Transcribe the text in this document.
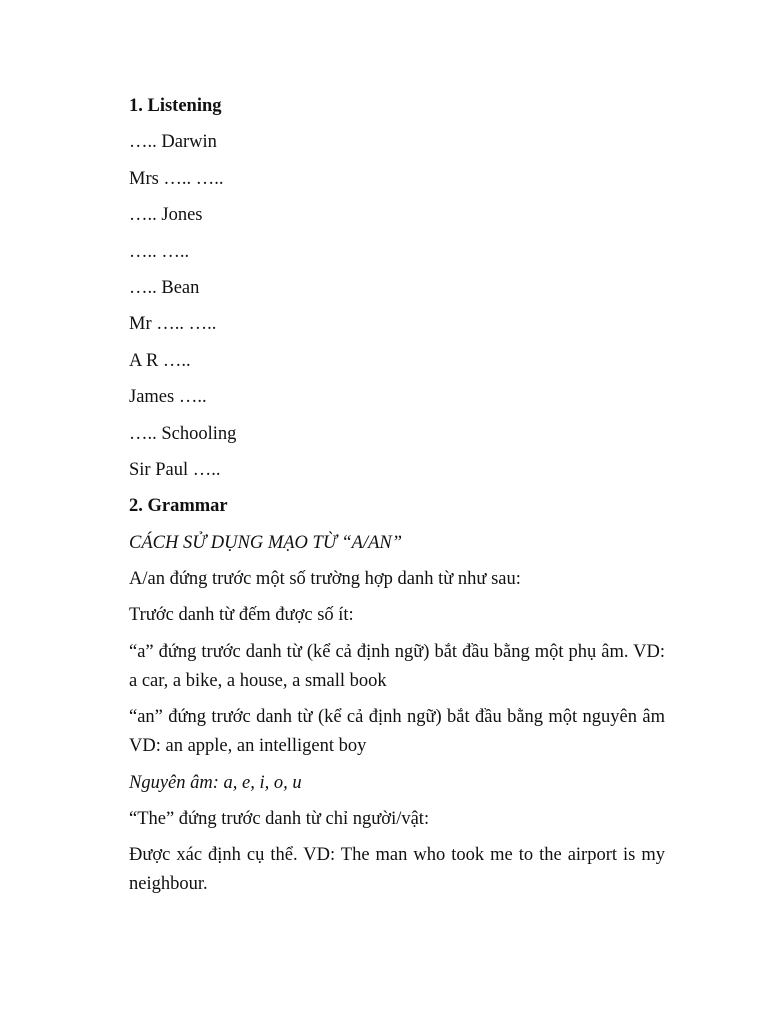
1. Listening
….. Darwin
Mrs ….. …..
….. Jones
….. …..
….. Bean
Mr ….. …..
A R …..
James …..
….. Schooling
Sir Paul …..
2. Grammar
CÁCH SỬ DỤNG MẠO TỪ “A/AN”
A/an đứng trước một số trường hợp danh từ như sau:
Trước danh từ đếm được số ít:
“a” đứng trước danh từ (kể cả định ngữ) bắt đầu bằng một phụ âm. VD: a car, a bike, a house, a small book
“an” đứng trước danh từ (kể cả định ngữ) bắt đầu bằng một nguyên âm VD: an apple, an intelligent boy
Nguyên âm: a, e, i, o, u
“The” đứng trước danh từ chỉ người/vật:
Được xác định cụ thể. VD: The man who took me to the airport is my neighbour.
